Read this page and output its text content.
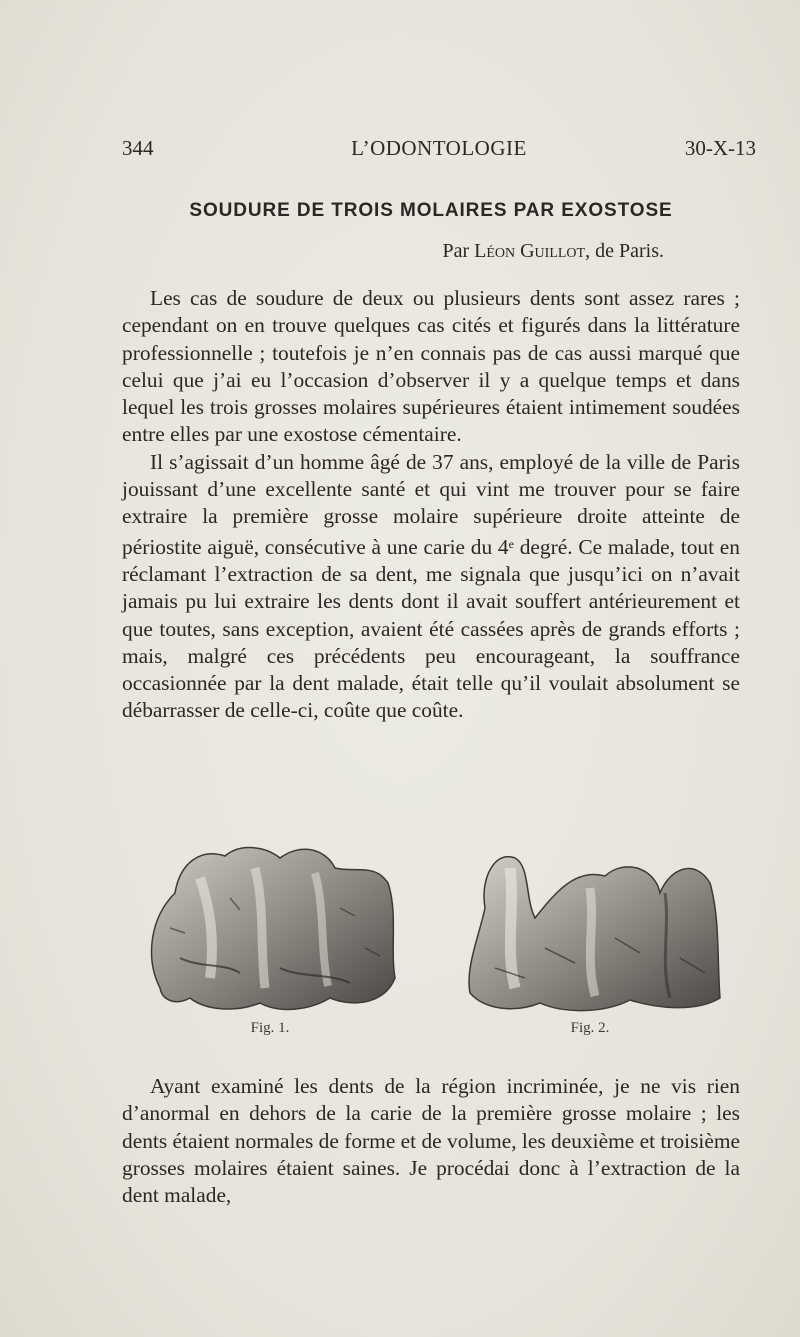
344	L’ODONTOLOGIE	30-X-13
SOUDURE DE TROIS MOLAIRES PAR EXOSTOSE
Par Léon Guillot, de Paris.

Les cas de soudure de deux ou plusieurs dents sont assez rares ; cependant on en trouve quelques cas cités et figurés dans la littérature professionnelle ; toutefois je n’en connais pas de cas aussi marqué que celui que j’ai eu l’occasion d’observer il y a quelque temps et dans lequel les trois grosses molaires supérieures étaient intimement soudées entre elles par une exostose cémentaire.

Il s’agissait d’un homme âgé de 37 ans, employé de la ville de Paris jouissant d’une excellente santé et qui vint me trouver pour se faire extraire la première grosse molaire supérieure droite atteinte de périostite aiguë, consécutive à une carie du 4e degré. Ce malade, tout en réclamant l’extraction de sa dent, me signala que jusqu’ici on n’avait jamais pu lui extraire les dents dont il avait souffert antérieurement et que toutes, sans exception, avaient été cassées après de grands efforts ; mais, malgré ces précédents peu encourageant, la souffrance occasionnée par la dent malade, était telle qu’il voulait absolument se débarrasser de celle-ci, coûte que coûte.

Fig. 1.	Fig. 2.

Ayant examiné les dents de la région incriminée, je ne vis rien d’anormal en dehors de la carie de la première grosse molaire ; les dents étaient normales de forme et de volume, les deuxième et troisième grosses molaires étaient saines. Je procédai donc à l’extraction de la dent malade,
